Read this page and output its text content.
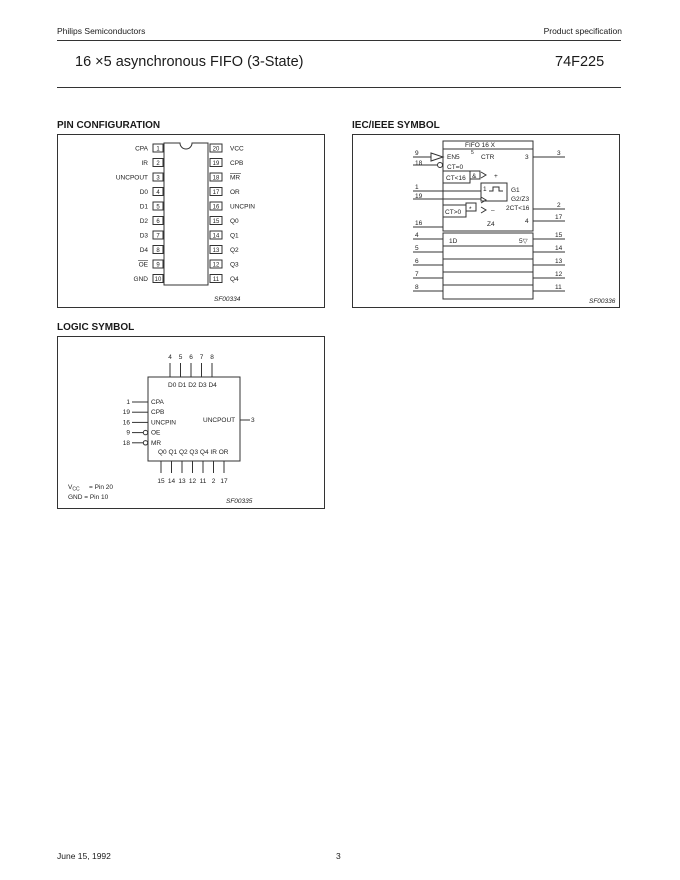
Philips Semiconductors	Product specification
16 ×5 asynchronous FIFO (3-State)	74F225
PIN CONFIGURATION	IEC/IEEE SYMBOL
LOGIC SYMBOL
1
CPA
2
IR
3
UNCPOUT
4
D0
5
D1
6
D2
7
D3
8
D4
9
OE
10
GND
20 VCC
19 CPB
18 MR
17 OR
16 UNCPIN
15 Q0
14 Q1
13 Q2
12 Q3
11 Q4
SF00334
FIFO 16 X
5
CTR
EN5
CT=0
CT<16 &	+
1	G1
G2/Z3
2CT<16
CT>0 *	–
Z4
3
4
1D	5▽
9
18
1
19
16
4
5
6
7
8
3
2
17
15
14
13
12
11
SF00336
4 5 6 7 8
D0 D1 D2 D3 D4
1	CPA
19	CPB
16	UNCPIN
9	OE
18	MR
UNCPOUT 3
Q0 Q1 Q2 Q3 Q4 IR OR
15 14 13 12 11 2 17
$V_{CC}$ = Pin 20
GND = Pin 10
SF00335
June 15, 1992	3
